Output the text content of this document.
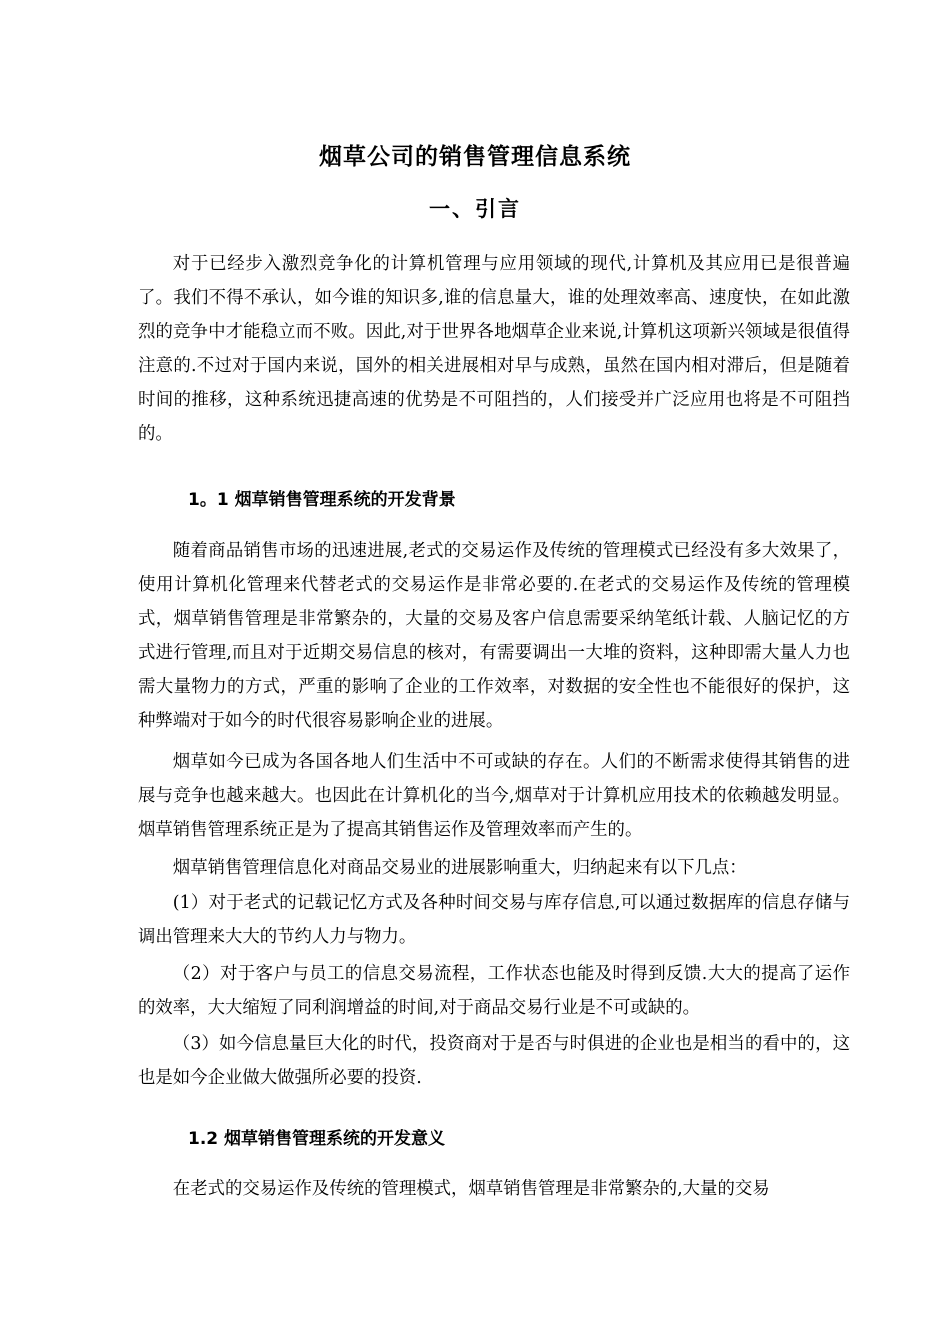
烟草公司的销售管理信息系统
一、引言

对于已经步入激烈竞争化的计算机管理与应用领域的现代,计算机及其应用已是很普遍了。我们不得不承认，如今谁的知识多,谁的信息量大，谁的处理效率高、速度快，在如此激烈的竞争中才能稳立而不败。因此,对于世界各地烟草企业来说,计算机这项新兴领域是很值得注意的.不过对于国内来说，国外的相关进展相对早与成熟，虽然在国内相对滞后，但是随着时间的推移，这种系统迅捷高速的优势是不可阻挡的，人们接受并广泛应用也将是不可阻挡的。

1。1 烟草销售管理系统的开发背景

随着商品销售市场的迅速进展,老式的交易运作及传统的管理模式已经没有多大效果了，使用计算机化管理来代替老式的交易运作是非常必要的.在老式的交易运作及传统的管理模式，烟草销售管理是非常繁杂的，大量的交易及客户信息需要采纳笔纸计载、人脑记忆的方式进行管理,而且对于近期交易信息的核对，有需要调出一大堆的资料，这种即需大量人力也需大量物力的方式，严重的影响了企业的工作效率，对数据的安全性也不能很好的保护，这种弊端对于如今的时代很容易影响企业的进展。

烟草如今已成为各国各地人们生活中不可或缺的存在。人们的不断需求使得其销售的进展与竞争也越来越大。也因此在计算机化的当今,烟草对于计算机应用技术的依赖越发明显。烟草销售管理系统正是为了提高其销售运作及管理效率而产生的。

烟草销售管理信息化对商品交易业的进展影响重大，归纳起来有以下几点：

(1）对于老式的记载记忆方式及各种时间交易与库存信息,可以通过数据库的信息存储与调出管理来大大的节约人力与物力。

（2）对于客户与员工的信息交易流程，工作状态也能及时得到反馈.大大的提高了运作的效率，大大缩短了同利润增益的时间,对于商品交易行业是不可或缺的。

（3）如今信息量巨大化的时代，投资商对于是否与时俱进的企业也是相当的看中的，这也是如今企业做大做强所必要的投资.

1.2 烟草销售管理系统的开发意义

在老式的交易运作及传统的管理模式，烟草销售管理是非常繁杂的,大量的交易
